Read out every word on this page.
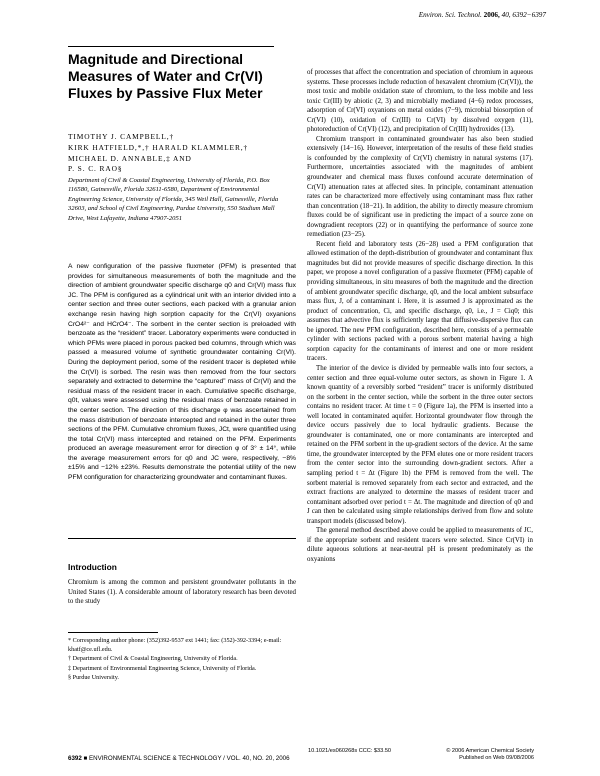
Environ. Sci. Technol. 2006, 40, 6392−6397
Magnitude and Directional Measures of Water and Cr(VI) Fluxes by Passive Flux Meter
TIMOTHY J. CAMPBELL,†
KIRK HATFIELD,*,† HARALD KLAMMLER,†
MICHAEL D. ANNABLE,‡ AND
P. S. C. RAO§
Department of Civil & Coastal Engineering, University of Florida, P.O. Box 116580, Gainesville, Florida 32611-6580, Department of Environmental Engineering Science, University of Florida, 345 Weil Hall, Gainesville, Florida 32603, and School of Civil Engineering, Purdue University, 550 Stadium Mall Drive, West Lafayette, Indiana 47907-2051
A new configuration of the passive fluxmeter (PFM) is presented that provides for simultaneous measurements of both the magnitude and the direction of ambient groundwater specific discharge q0 and Cr(VI) mass flux JC. The PFM is configured as a cylindrical unit with an interior divided into a center section and three outer sections, each packed with a granular anion exchange resin having high sorption capacity for the Cr(VI) oxyanions CrO4²⁻ and HCrO4⁻. The sorbent in the center section is preloaded with benzoate as the “resident” tracer. Laboratory experiments were conducted in which PFMs were placed in porous packed bed columns, through which was passed a measured volume of synthetic groundwater containing Cr(VI). During the deployment period, some of the resident tracer is depleted while the Cr(VI) is sorbed. The resin was then removed from the four sectors separately and extracted to determine the “captured” mass of Cr(VI) and the residual mass of the resident tracer in each. Cumulative specific discharge, q0t, values were assessed using the residual mass of benzoate retained in the center section. The direction of this discharge φ was ascertained from the mass distribution of benzoate intercepted and retained in the outer three sections of the PFM. Cumulative chromium fluxes, JCt, were quantified using the total Cr(VI) mass intercepted and retained on the PFM. Experiments produced an average measurement error for direction φ of 3° ± 14°, while the average measurement errors for q0 and JC were, respectively, −8% ±15% and −12% ±23%. Results demonstrate the potential utility of the new PFM configuration for characterizing groundwater and contaminant fluxes.
Introduction
Chromium is among the common and persistent groundwater pollutants in the United States (1). A considerable amount of laboratory research has been devoted to the study

* Corresponding author phone: (352)392-9537 ext 1441; fax: (352)-392-3394; e-mail: khatf@ce.ufl.edu.

† Department of Civil & Coastal Engineering, University of Florida.

‡ Department of Environmental Engineering Science, University of Florida.

§ Purdue University.

of processes that affect the concentration and speciation of chromium in aqueous systems. These processes include reduction of hexavalent chromium (Cr(VI)), the most toxic and mobile oxidation state of chromium, to the less mobile and less toxic Cr(III) by abiotic (2, 3) and microbially mediated (4−6) redox processes, adsorption of Cr(VI) oxyanions on metal oxides (7−9), microbial biosorption of Cr(VI) (10), oxidation of Cr(III) to Cr(VI) by dissolved oxygen (11), photoreduction of Cr(VI) (12), and precipitation of Cr(III) hydroxides (13).

Chromium transport in contaminated groundwater has also been studied extensively (14−16). However, interpretation of the results of these field studies is confounded by the complexity of Cr(VI) chemistry in natural systems (17). Furthermore, uncertainties associated with the magnitudes of ambient groundwater and chemical mass fluxes confound accurate determination of Cr(VI) attenuation rates at affected sites. In principle, contaminant attenuation rates can be characterized more effectively using contaminant mass flux rather than concentration (18−21). In addition, the ability to directly measure chromium fluxes could be of significant use in predicting the impact of a source zone on downgradient receptors (22) or in quantifying the performance of source zone remediation (23−25).

Recent field and laboratory tests (26−28) used a PFM configuration that allowed estimation of the depth-distribution of groundwater and contaminant flux magnitudes but did not provide measures of specific discharge direction. In this paper, we propose a novel configuration of a passive fluxmeter (PFM) capable of providing simultaneous, in situ measures of both the magnitude and the direction of ambient groundwater specific discharge, q0, and the local ambient subsurface mass flux, J, of a contaminant i. Here, it is assumed J is approximated as the product of concentration, Ci, and specific discharge, q0, i.e., J = Ciq0; this assumes that advective flux is sufficiently large that diffusive-dispersive flux can be ignored. The new PFM configuration, described here, consists of a permeable cylinder with sections packed with a porous sorbent material having a high sorption capacity for the contaminants of interest and one or more resident tracers.

The interior of the device is divided by permeable walls into four sectors, a center section and three equal-volume outer sectors, as shown in Figure 1. A known quantity of a reversibly sorbed “resident” tracer is uniformly distributed on the sorbent in the center section, while the sorbent in the three outer sectors contains no resident tracer. At time t = 0 (Figure 1a), the PFM is inserted into a well located in contaminated aquifer. Horizontal groundwater flow through the device occurs passively due to local hydraulic gradients. Because the groundwater is contaminated, one or more contaminants are intercepted and retained on the PFM sorbent in the up-gradient sectors of the device. At the same time, the groundwater intercepted by the PFM elutes one or more resident tracers from the center sector into the surrounding down-gradient sectors. After a sampling period t = Δt (Figure 1b) the PFM is removed from the well. The sorbent material is removed separately from each sector and extracted, and the extract fractions are analyzed to determine the masses of resident tracer and contaminant adsorbed over period t = Δt. The magnitude and direction of q0 and J can then be calculated using simple relationships derived from flow and solute transport models (discussed below).

The general method described above could be applied to measurements of JC, if the appropriate sorbent and resident tracers were selected. Since Cr(VI) in dilute aqueous solutions at near-neutral pH is present predominately as the oxyanions

6392 ■ ENVIRONMENTAL SCIENCE & TECHNOLOGY / VOL. 40, NO. 20, 2006
10.1021/es060268s CCC: $33.50	© 2006 American Chemical Society
Published on Web 09/08/2006
